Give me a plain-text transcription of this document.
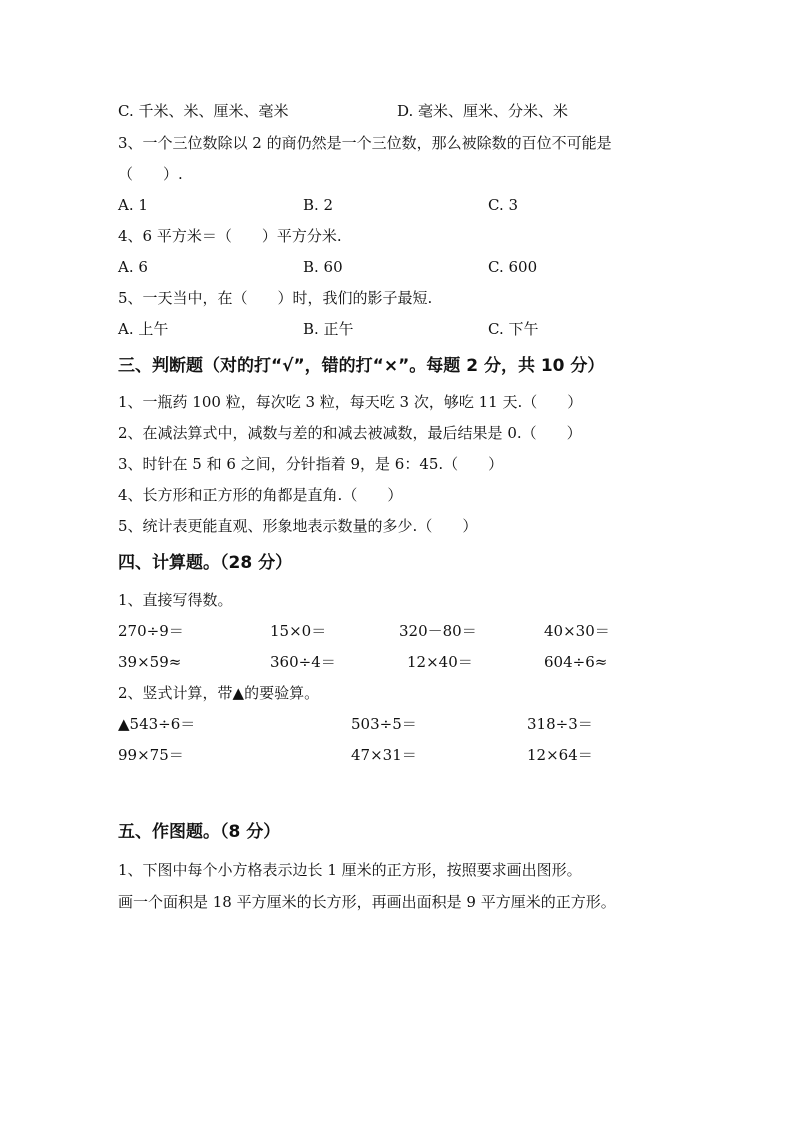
C. 千米、米、厘米、毫米	D. 毫米、厘米、分米、米
3、一个三位数除以 2 的商仍然是一个三位数，那么被除数的百位不可能是
（　　）.
A. 1	B. 2	C. 3
4、6 平方米＝（　　）平方分米.
A. 6	B. 60	C. 600
5、一天当中，在（　　）时，我们的影子最短.
A. 上午	B. 正午	C. 下午
三、判断题（对的打“√”，错的打“×”。每题 2 分，共 10 分）
1、一瓶药 100 粒，每次吃 3 粒，每天吃 3 次，够吃 11 天.（　　）
2、在减法算式中，减数与差的和减去被减数，最后结果是 0.（　　）
3、时针在 5 和 6 之间，分针指着 9，是 6：45.（　　）
4、长方形和正方形的角都是直角.（　　）
5、统计表更能直观、形象地表示数量的多少.（　　）
四、计算题。（28 分）
1、直接写得数。
270÷9＝	15×0＝	320－80＝	40×30＝
39×59≈	360÷4＝	12×40＝	604÷6≈
2、竖式计算，带▲的要验算。
▲543÷6＝	503÷5＝	318÷3＝
99×75＝	47×31＝	12×64＝
五、作图题。（8 分）
1、下图中每个小方格表示边长 1 厘米的正方形，按照要求画出图形。
画一个面积是 18 平方厘米的长方形，再画出面积是 9 平方厘米的正方形。
